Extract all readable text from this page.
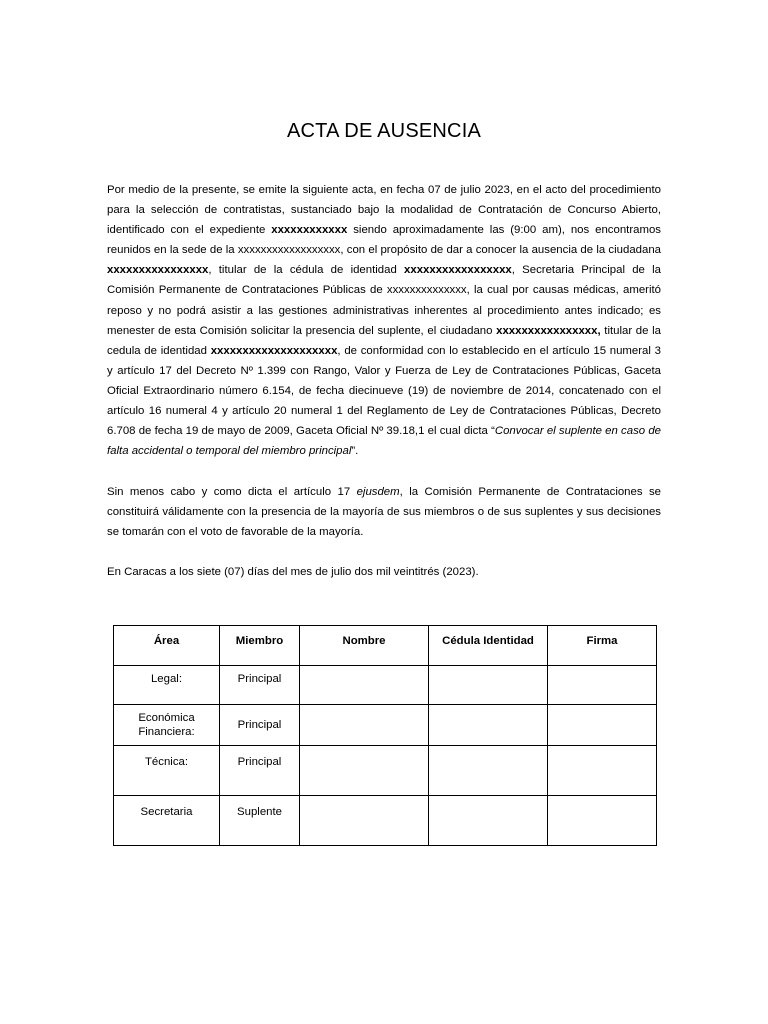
ACTA DE AUSENCIA
Por medio de la presente, se emite la siguiente acta, en fecha 07 de julio 2023, en el acto del procedimiento para la selección de contratistas, sustanciado bajo la modalidad de Contratación de Concurso Abierto, identificado con el expediente xxxxxxxxxxxx siendo aproximadamente las (9:00 am), nos encontramos reunidos en la sede de la xxxxxxxxxxxxxxxxxx, con el propósito de dar a conocer la ausencia de la ciudadana xxxxxxxxxxxxxxxx, titular de la cédula de identidad xxxxxxxxxxxxxxxxx, Secretaria Principal de la Comisión Permanente de Contrataciones Públicas de xxxxxxxxxxxxxx, la cual por causas médicas, ameritó reposo y no podrá asistir a las gestiones administrativas inherentes al procedimiento antes indicado; es menester de esta Comisión solicitar la presencia del suplente, el ciudadano xxxxxxxxxxxxxxxx, titular de la cedula de identidad xxxxxxxxxxxxxxxxxxxx, de conformidad con lo establecido en el artículo 15 numeral 3 y artículo 17 del Decreto Nº 1.399 con Rango, Valor y Fuerza de Ley de Contrataciones Públicas, Gaceta Oficial Extraordinario número 6.154, de fecha diecinueve (19) de noviembre de 2014, concatenado con el artículo 16 numeral 4 y artículo 20 numeral 1 del Reglamento de Ley de Contrataciones Públicas, Decreto 6.708 de fecha 19 de mayo de 2009, Gaceta Oficial Nº 39.18,1 el cual dicta “Convocar el suplente en caso de falta accidental o temporal del miembro principal”.
Sin menos cabo y como dicta el artículo 17 ejusdem, la Comisión Permanente de Contrataciones se constituirá válidamente con la presencia de la mayoría de sus miembros o de sus suplentes y sus decisiones se tomarán con el voto de favorable de la mayoría.
En Caracas a los siete (07) días del mes de julio dos mil veintitrés (2023).
Área	Miembro	Nombre	Cédula Identidad	Firma
Legal:	Principal			
Económica Financiera:	Principal			
Técnica:	Principal			
Secretaria	Suplente			
